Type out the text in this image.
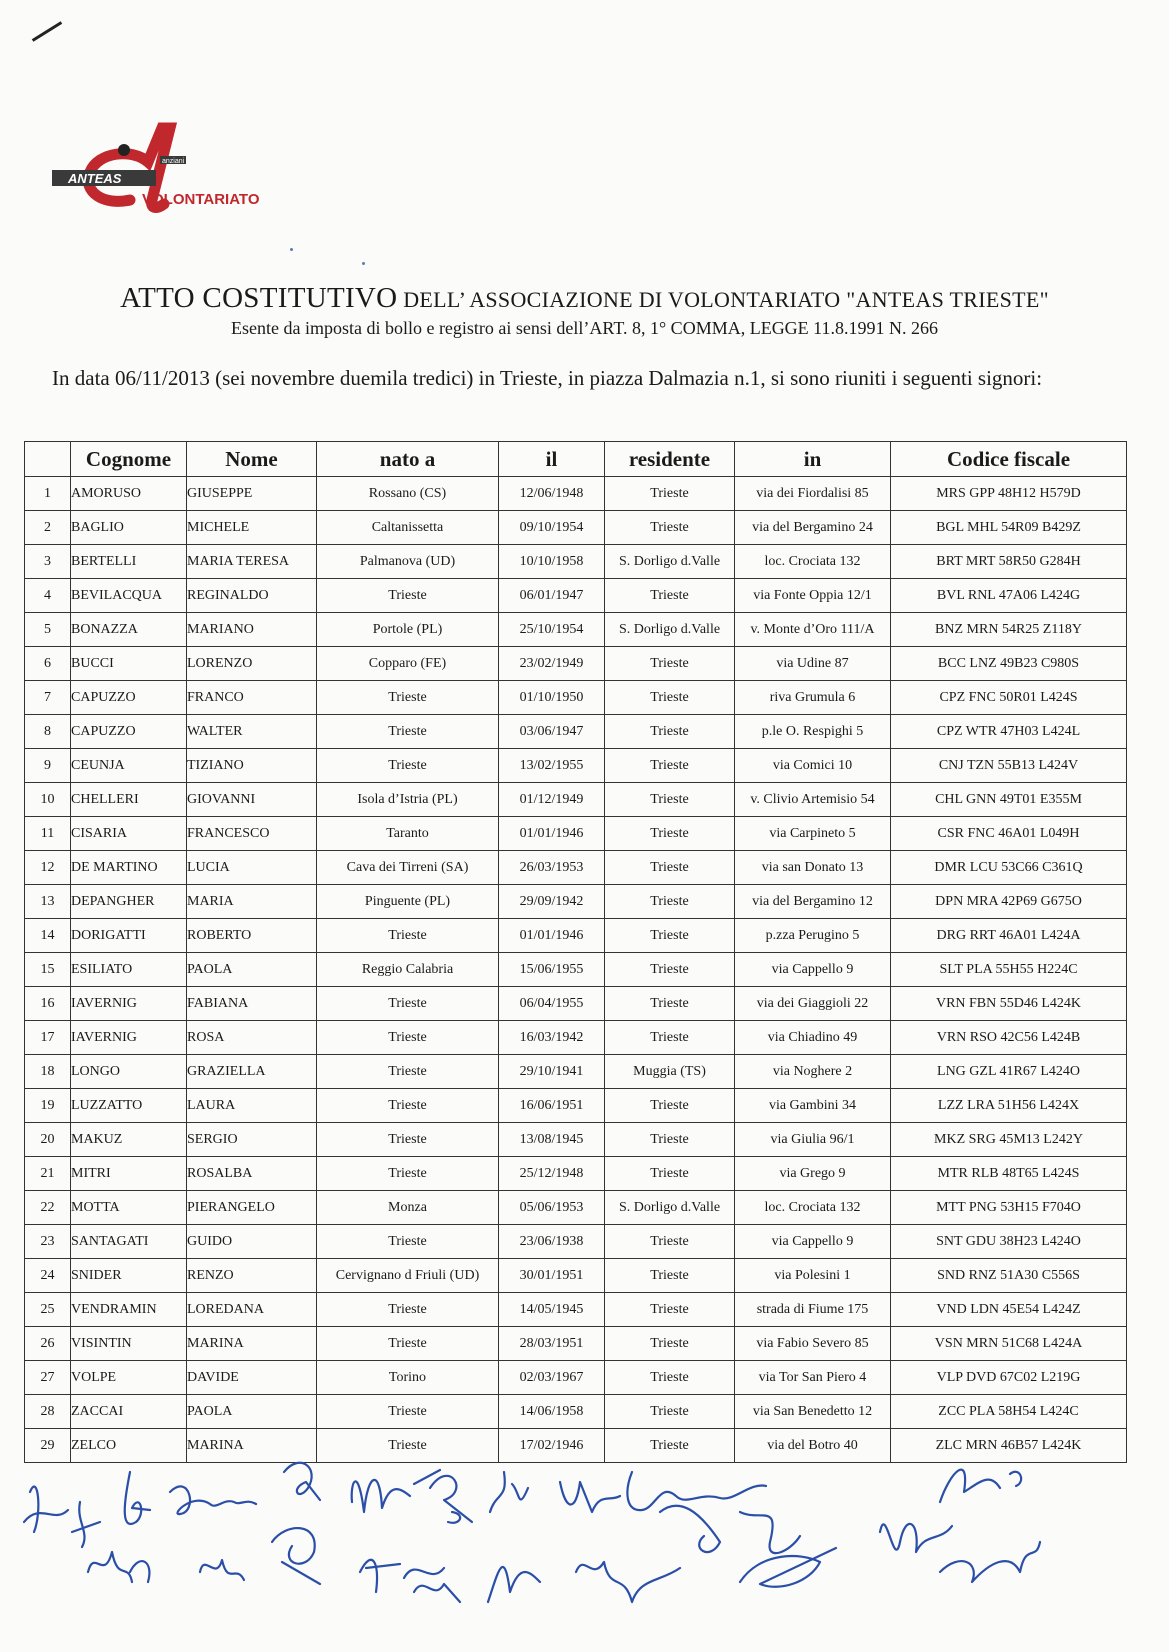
ANTEAS
anziani
VOLONTARIATO
ATTO COSTITUTIVO DELL’ ASSOCIAZIONE DI VOLONTARIATO "ANTEAS TRIESTE"
Esente da imposta di bollo e registro ai sensi dell’ART. 8, 1° COMMA, LEGGE 11.8.1991 N. 266
In data 06/11/2013 (sei novembre duemila tredici) in Trieste, in piazza Dalmazia n.1, si sono riuniti i seguenti signori:
	Cognome	Nome	nato a	il	residente	in	Codice fiscale
1	AMORUSO	GIUSEPPE	Rossano (CS)	12/06/1948	Trieste	via dei Fiordalisi 85	MRS GPP 48H12 H579D
2	BAGLIO	MICHELE	Caltanissetta	09/10/1954	Trieste	via del Bergamino 24	BGL MHL 54R09 B429Z
3	BERTELLI	MARIA TERESA	Palmanova (UD)	10/10/1958	S. Dorligo d.Valle	loc. Crociata 132	BRT MRT 58R50 G284H
4	BEVILACQUA	REGINALDO	Trieste	06/01/1947	Trieste	via Fonte Oppia 12/1	BVL RNL 47A06 L424G
5	BONAZZA	MARIANO	Portole (PL)	25/10/1954	S. Dorligo d.Valle	v. Monte d’Oro 111/A	BNZ MRN 54R25 Z118Y
6	BUCCI	LORENZO	Copparo (FE)	23/02/1949	Trieste	via Udine 87	BCC LNZ 49B23 C980S
7	CAPUZZO	FRANCO	Trieste	01/10/1950	Trieste	riva Grumula 6	CPZ FNC 50R01 L424S
8	CAPUZZO	WALTER	Trieste	03/06/1947	Trieste	p.le O. Respighi 5	CPZ WTR 47H03 L424L
9	CEUNJA	TIZIANO	Trieste	13/02/1955	Trieste	via Comici 10	CNJ TZN 55B13 L424V
10	CHELLERI	GIOVANNI	Isola d’Istria (PL)	01/12/1949	Trieste	v. Clivio Artemisio 54	CHL GNN 49T01 E355M
11	CISARIA	FRANCESCO	Taranto	01/01/1946	Trieste	via Carpineto 5	CSR FNC 46A01 L049H
12	DE MARTINO	LUCIA	Cava dei Tirreni (SA)	26/03/1953	Trieste	via san Donato 13	DMR LCU 53C66 C361Q
13	DEPANGHER	MARIA	Pinguente (PL)	29/09/1942	Trieste	via del Bergamino 12	DPN MRA 42P69 G675O
14	DORIGATTI	ROBERTO	Trieste	01/01/1946	Trieste	p.zza Perugino 5	DRG RRT 46A01 L424A
15	ESILIATO	PAOLA	Reggio Calabria	15/06/1955	Trieste	via Cappello 9	SLT PLA 55H55 H224C
16	IAVERNIG	FABIANA	Trieste	06/04/1955	Trieste	via dei Giaggioli 22	VRN FBN 55D46 L424K
17	IAVERNIG	ROSA	Trieste	16/03/1942	Trieste	via Chiadino 49	VRN RSO 42C56 L424B
18	LONGO	GRAZIELLA	Trieste	29/10/1941	Muggia (TS)	via Noghere 2	LNG GZL 41R67 L424O
19	LUZZATTO	LAURA	Trieste	16/06/1951	Trieste	via Gambini 34	LZZ LRA 51H56 L424X
20	MAKUZ	SERGIO	Trieste	13/08/1945	Trieste	via Giulia 96/1	MKZ SRG 45M13 L242Y
21	MITRI	ROSALBA	Trieste	25/12/1948	Trieste	via Grego 9	MTR RLB 48T65 L424S
22	MOTTA	PIERANGELO	Monza	05/06/1953	S. Dorligo d.Valle	loc. Crociata 132	MTT PNG 53H15 F704O
23	SANTAGATI	GUIDO	Trieste	23/06/1938	Trieste	via Cappello 9	SNT GDU 38H23 L424O
24	SNIDER	RENZO	Cervignano d Friuli (UD)	30/01/1951	Trieste	via Polesini 1	SND RNZ 51A30 C556S
25	VENDRAMIN	LOREDANA	Trieste	14/05/1945	Trieste	strada di Fiume 175	VND LDN 45E54 L424Z
26	VISINTIN	MARINA	Trieste	28/03/1951	Trieste	via Fabio Severo 85	VSN MRN 51C68 L424A
27	VOLPE	DAVIDE	Torino	02/03/1967	Trieste	via Tor San Piero 4	VLP DVD 67C02 L219G
28	ZACCAI	PAOLA	Trieste	14/06/1958	Trieste	via San Benedetto 12	ZCC PLA 58H54 L424C
29	ZELCO	MARINA	Trieste	17/02/1946	Trieste	via del Botro 40	ZLC MRN 46B57 L424K
